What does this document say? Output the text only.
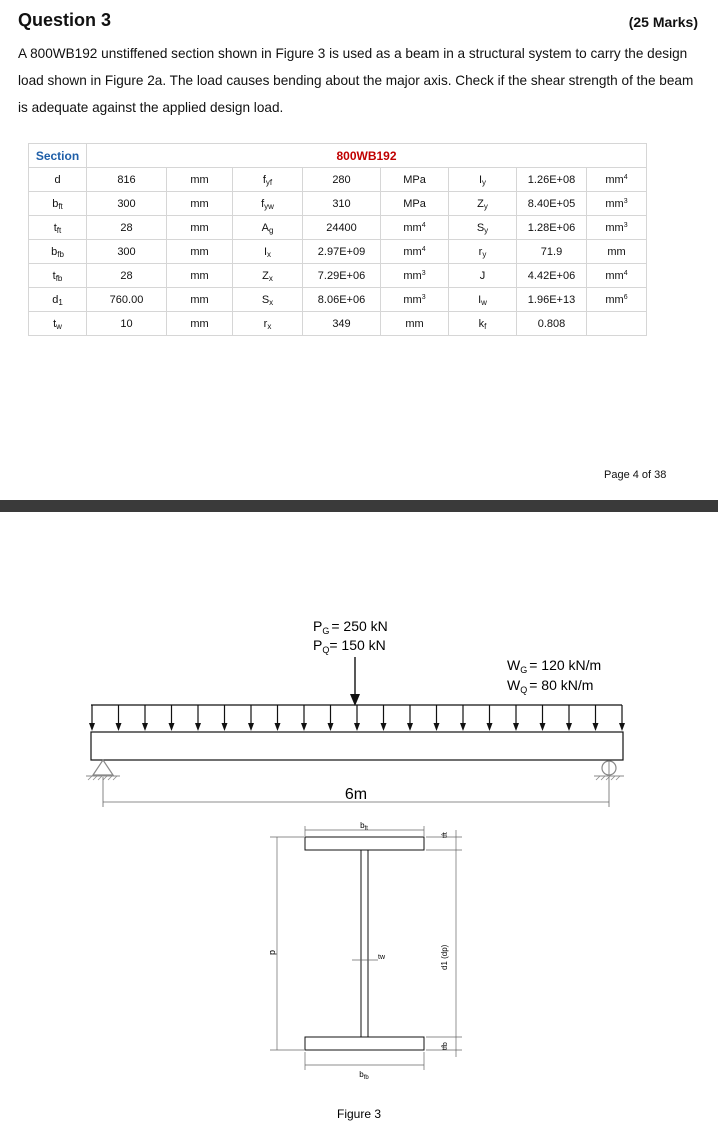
Question 3	(25 Marks)
A 800WB192 unstiffened section shown in Figure 3 is used as a beam in a structural system to carry the design load shown in Figure 2a. The load causes bending about the major axis. Check if the shear strength of the beam is adequate against the applied design load.
Section	800WB192							
d	816	mm	$f_{yf}$	280	MPa	$I_y$	1.26E+08	$mm^4$
$b_{ft}$	300	mm	$f_{yw}$	310	MPa	$Z_y$	8.40E+05	$mm^3$
$t_{ft}$	28	mm	$A_g$	24400	$mm^4$	$S_y$	1.28E+06	$mm^3$
$b_{fb}$	300	mm	$I_x$	2.97E+09	$mm^4$	$r_y$	71.9	mm
$t_{fb}$	28	mm	$Z_x$	7.29E+06	$mm^3$	J	4.42E+06	$mm^4$
$d_1$	760.00	mm	$S_x$	8.06E+06	$mm^3$	$I_w$	1.96E+13	$mm^6$
$t_w$	10	mm	$r_x$	349	mm	$k_f$	0.808	
Page 4 of 38
$P_G = 250$ kN
$P_Q= 150$ kN
$W_G = 120$ kN/m
$W_Q = 80$ kN/m
6m
$b_{ft}$
$b_{fb}$
tw
d
tft
tfb
d1 (dp)
Figure 3
